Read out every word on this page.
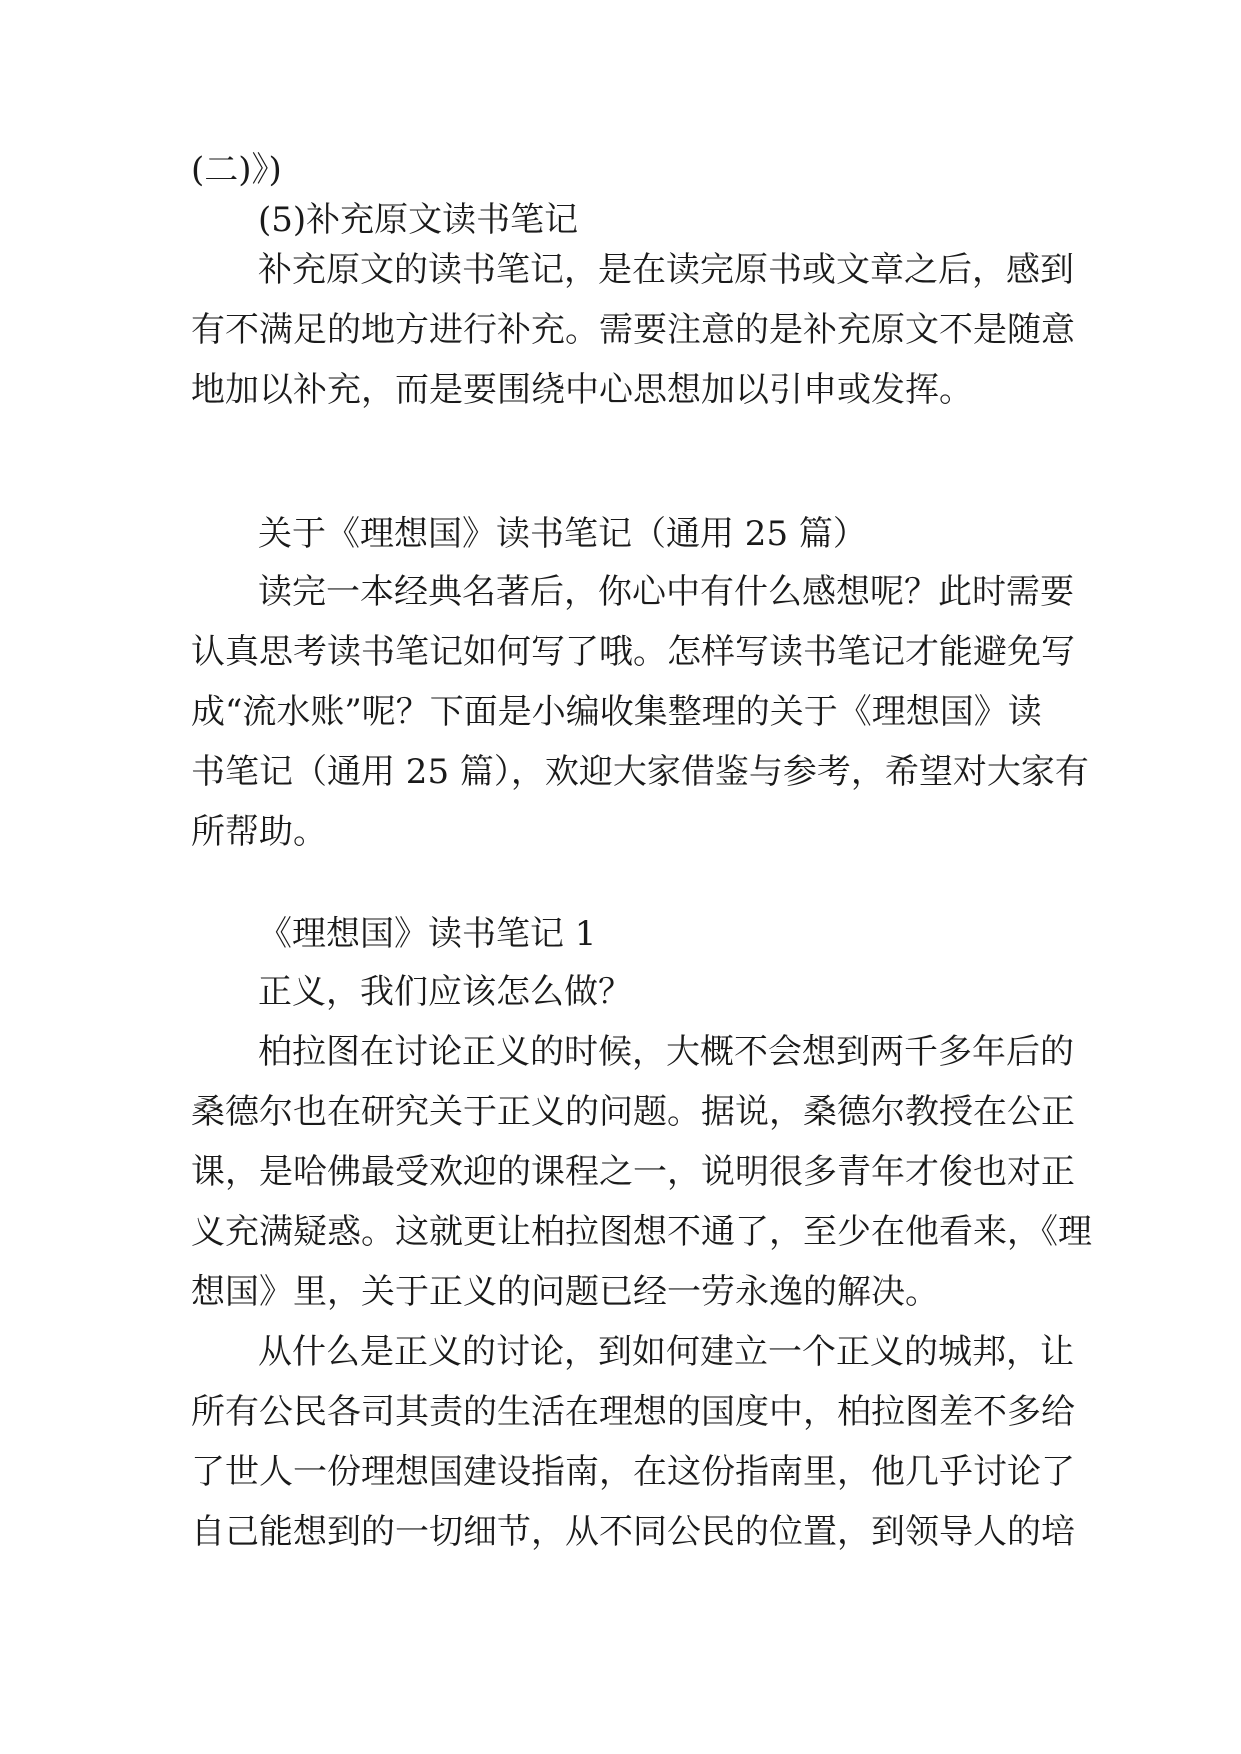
(二)》)
(5)补充原文读书笔记
补充原文的读书笔记，是在读完原书或文章之后，感到
有不满足的地方进行补充。需要注意的是补充原文不是随意
地加以补充，而是要围绕中心思想加以引申或发挥。
关于《理想国》读书笔记（通用 25 篇）
读完一本经典名著后，你心中有什么感想呢？此时需要
认真思考读书笔记如何写了哦。怎样写读书笔记才能避免写
成“流水账”呢？下面是小编收集整理的关于《理想国》读
书笔记（通用 25 篇），欢迎大家借鉴与参考，希望对大家有
所帮助。
《理想国》读书笔记 1
正义，我们应该怎么做？
柏拉图在讨论正义的时候，大概不会想到两千多年后的
桑德尔也在研究关于正义的问题。据说，桑德尔教授在公正
课，是哈佛最受欢迎的课程之一，说明很多青年才俊也对正
义充满疑惑。这就更让柏拉图想不通了，至少在他看来，《理
想国》里，关于正义的问题已经一劳永逸的解决。
从什么是正义的讨论，到如何建立一个正义的城邦，让
所有公民各司其责的生活在理想的国度中，柏拉图差不多给
了世人一份理想国建设指南，在这份指南里，他几乎讨论了
自己能想到的一切细节，从不同公民的位置，到领导人的培
